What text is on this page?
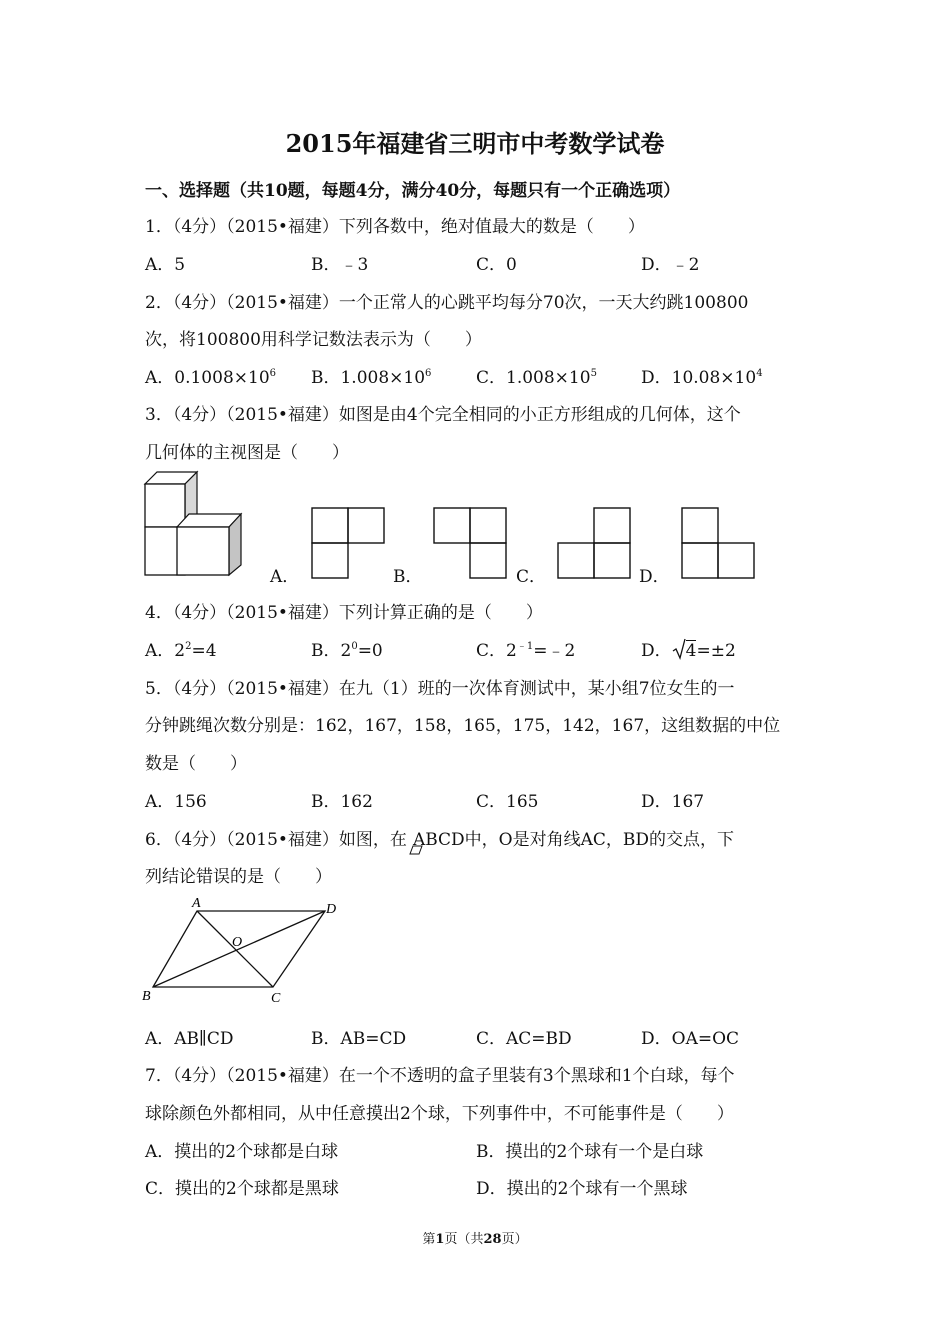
2015年福建省三明市中考数学试卷
一、选择题（共10题，每题4分，满分40分，每题只有一个正确选项）
1．（4分）（2015•福建）下列各数中，绝对值最大的数是（　　）
A．5	B．﹣3	C．0	D．﹣2
2．（4分）（2015•福建）一个正常人的心跳平均每分70次，一天大约跳100800
次，将100800用科学记数法表示为（　　）
A．$0.1008\times 10^6$ B．$1.008\times 10^6$	C．$1.008\times 10^5$	D．$10.08\times 10^4$
3．（4分）（2015•福建）如图是由4个完全相同的小正方形组成的几何体，这个
几何体的主视图是（　　）
A．	B．	C．	D．
4．（4分）（2015•福建）下列计算正确的是（　　）
A．$2^2=4$	B．$2^0=0$	C．$2^{﹣1}=﹣2$	D． 4=±2
5．（4分）（2015•福建）在九（1）班的一次体育测试中，某小组7位女生的一
分钟跳绳次数分别是：162，167，158，165，175，142，167，这组数据的中位
数是（　　）
A．156	B．162	C．165	D．167
6．（4分）（2015•福建）如图，在 ABCD中，O是对角线AC，BD的交点，下
列结论错误的是（　　）
A	D
O
B	C
A．AB∥CD	B．AB=CD	C．AC=BD	D．OA=OC
7．（4分）（2015•福建）在一个不透明的盒子里装有3个黑球和1个白球，每个
球除颜色外都相同，从中任意摸出2个球，下列事件中，不可能事件是（　　）
A．摸出的2个球都是白球	B．摸出的2个球有一个是白球
C．摸出的2个球都是黑球	D．摸出的2个球有一个黑球
第1页（共28页）
